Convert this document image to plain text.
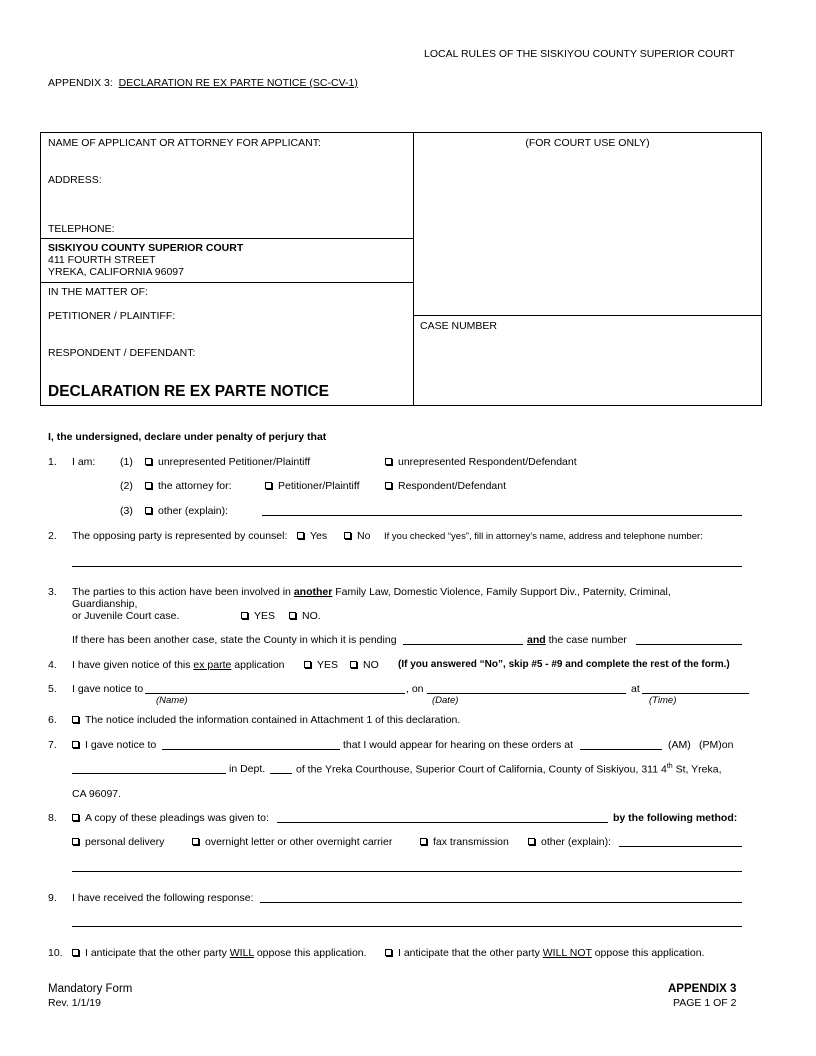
LOCAL RULES OF THE SISKIYOU COUNTY SUPERIOR COURT
APPENDIX 3: DECLARATION RE EX PARTE NOTICE (SC-CV-1)
NAME OF APPLICANT OR ATTORNEY FOR APPLICANT:
ADDRESS:
TELEPHONE:
SISKIYOU COUNTY SUPERIOR COURT
411 FOURTH STREET
YREKA, CALIFORNIA 96097
IN THE MATTER OF:
PETITIONER / PLAINTIFF:
RESPONDENT / DEFENDANT:
DECLARATION RE EX PARTE NOTICE
(FOR COURT USE ONLY)
CASE NUMBER
I, the undersigned, declare under penalty of perjury that
1. I am: (1)	unrepresented Petitioner/Plaintiff	unrepresented Respondent/Defendant
(2)	the attorney for:	Petitioner/Plaintiff	Respondent/Defendant
(3)	other (explain):
2. The opposing party is represented by counsel:	Yes	No If you checked “yes”, fill in attorney’s name, address and telephone number:
3. The parties to this action have been involved in another Family Law, Domestic Violence, Family Support Div., Paternity, Criminal,
Guardianship,
or Juvenile Court case.	YES	NO.
If there has been another case, state the County in which it is pending	and the case number
4. I have given notice of this ex parte application	YES	NO (If you answered “No”, skip #5 - #9 and complete the rest of the form.)
5. I gave notice to	, on	at
(Name)	(Date)	(Time)
6.	The notice included the information contained in Attachment 1 of this declaration.
7.	I gave notice to	that I would appear for hearing on these orders at	(AM) (PM)on
in Dept.	of the Yreka Courthouse, Superior Court of California, County of Siskiyou, 311 4th St, Yreka,
CA 96097.
8.	A copy of these pleadings was given to:	by the following method:
personal delivery	overnight letter or other overnight carrier	fax transmission	other (explain):
9. I have received the following response:
10.	I anticipate that the other party WILL oppose this application.	I anticipate that the other party WILL NOT oppose this application.
Mandatory Form
Rev. 1/1/19
APPENDIX 3
PAGE 1 OF 2
